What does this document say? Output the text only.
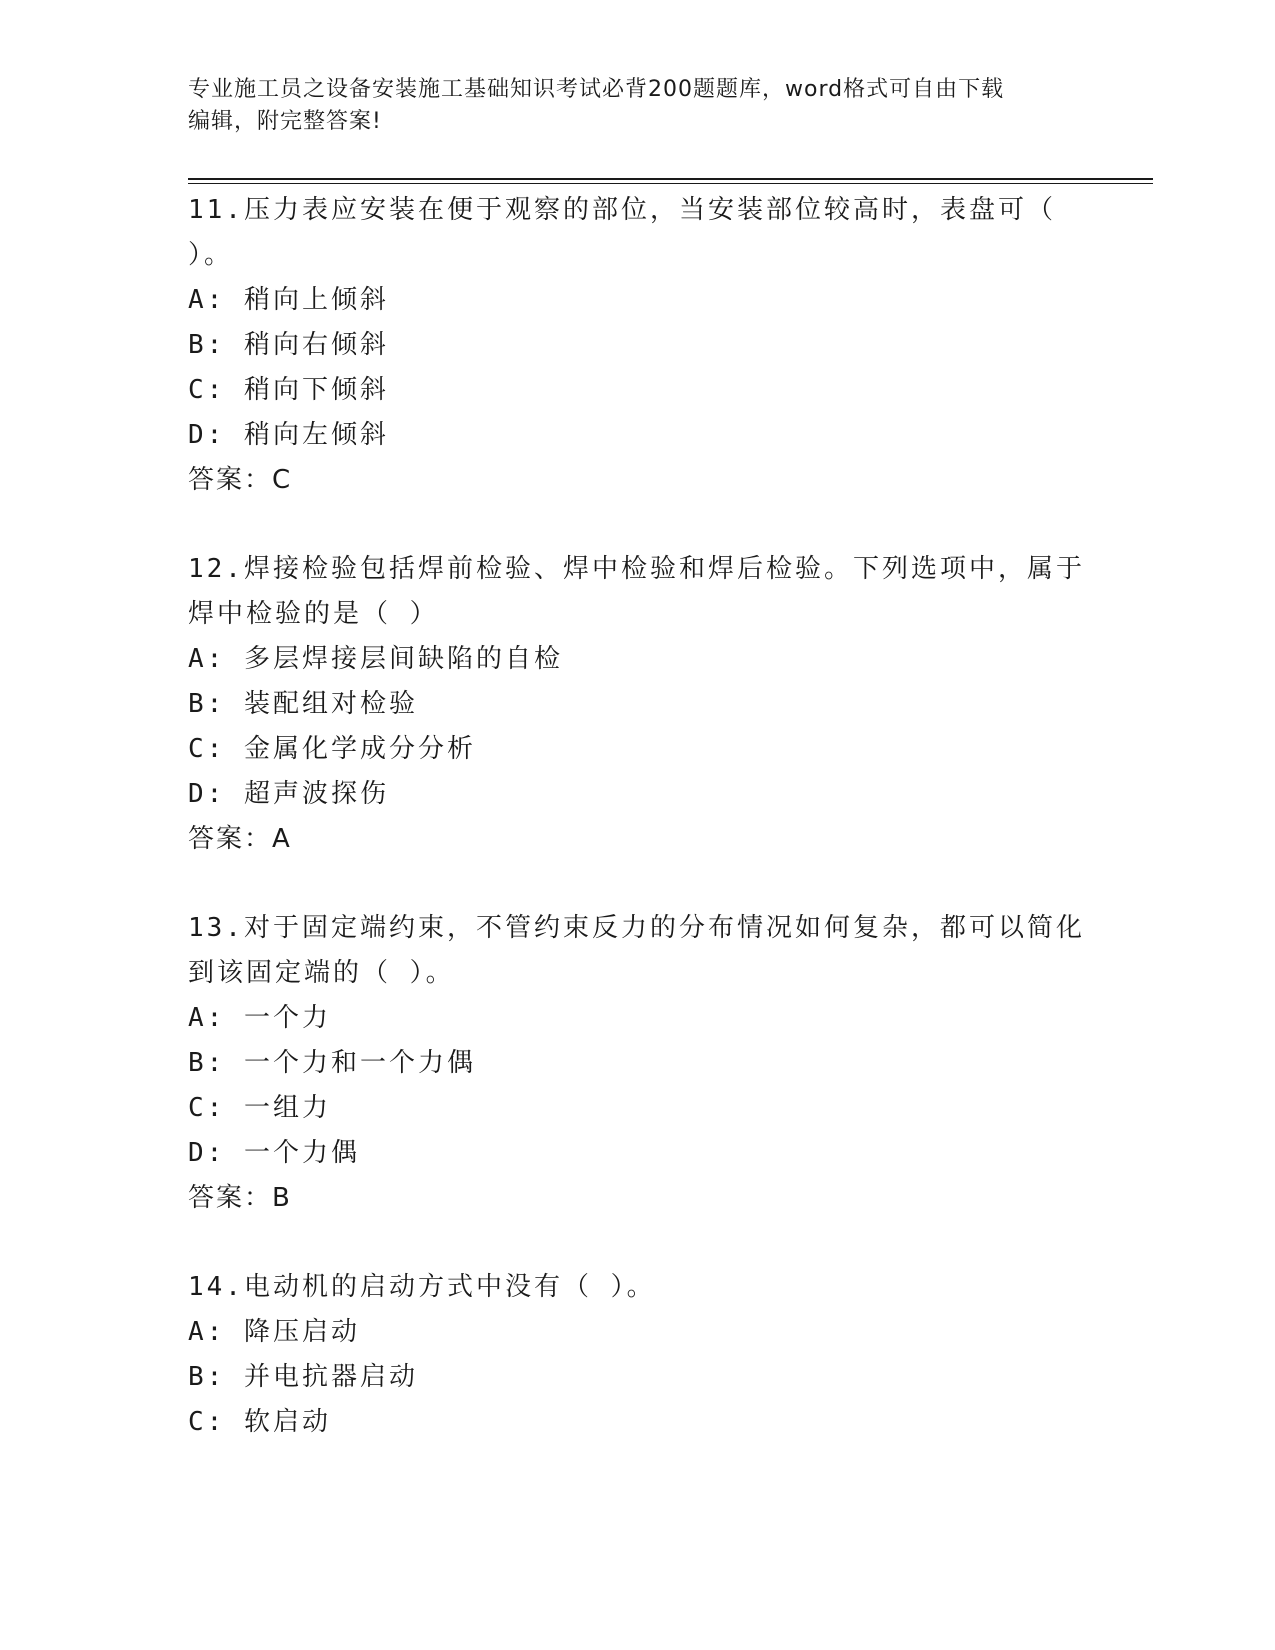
专业施工员之设备安装施工基础知识考试必背200题题库，word格式可自由下载
编辑，附完整答案!

11.压力表应安装在便于观察的部位，当安装部位较高时，表盘可（

）。

A: 稍向上倾斜

B: 稍向右倾斜

C: 稍向下倾斜

D: 稍向左倾斜

答案：C

12.焊接检验包括焊前检验、焊中检验和焊后检验。下列选项中，属于

焊中检验的是（ ）

A: 多层焊接层间缺陷的自检

B: 装配组对检验

C: 金属化学成分分析

D: 超声波探伤

答案：A

13.对于固定端约束，不管约束反力的分布情况如何复杂，都可以简化

到该固定端的（ ）。

A: 一个力

B: 一个力和一个力偶

C: 一组力

D: 一个力偶

答案：B

14.电动机的启动方式中没有（ ）。

A: 降压启动

B: 并电抗器启动

C: 软启动
